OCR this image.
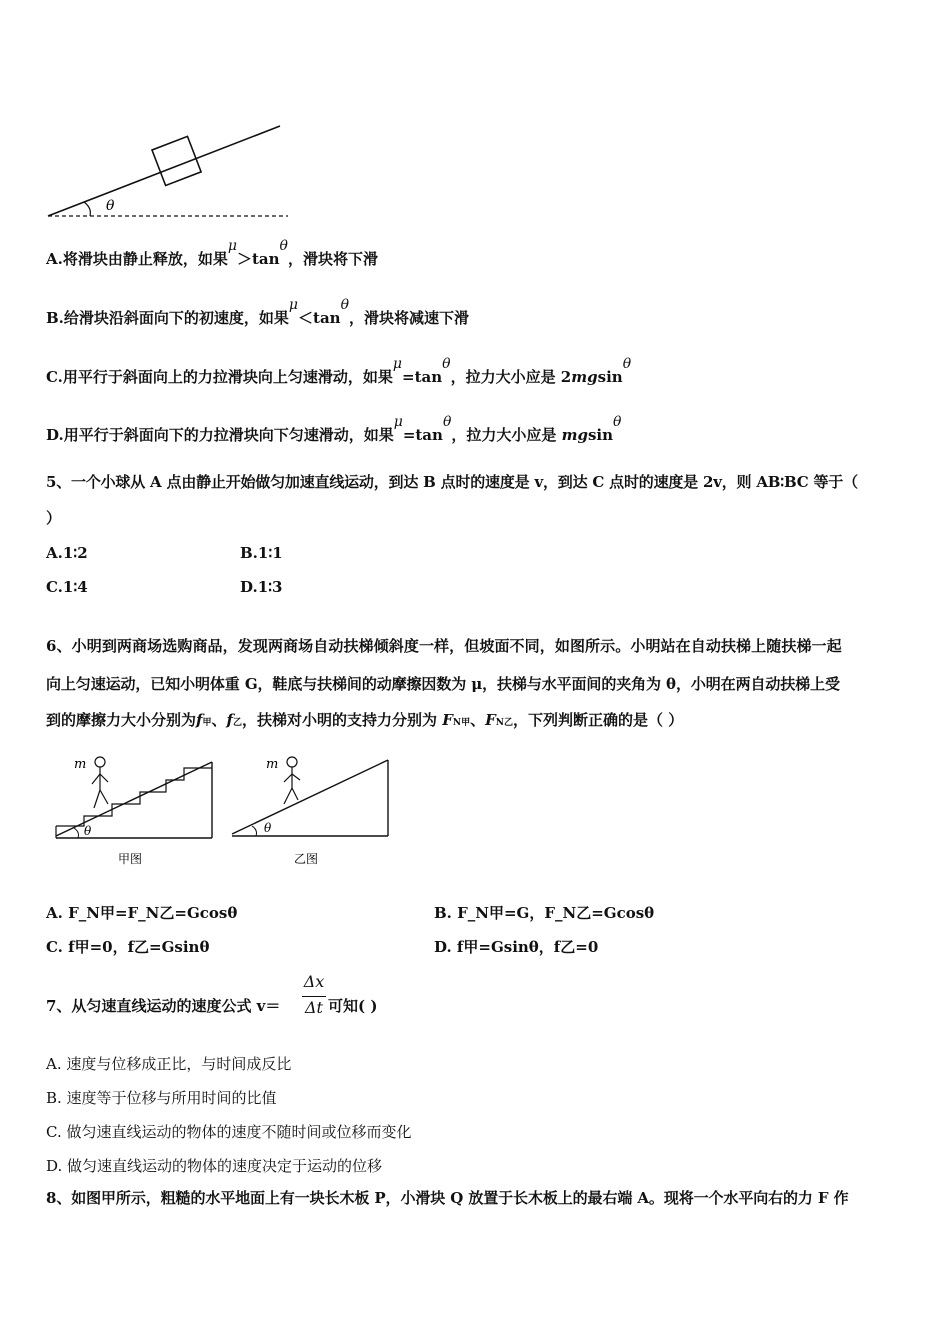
θ
A.将滑块由静止释放，如果μ＞tanθ，滑块将下滑
B.给滑块沿斜面向下的初速度，如果μ＜tanθ，滑块将减速下滑
C.用平行于斜面向上的力拉滑块向上匀速滑动，如果μ=tanθ，拉力大小应是 2mgsinθ
D.用平行于斜面向下的力拉滑块向下匀速滑动，如果μ=tanθ，拉力大小应是 mgsinθ
5、一个小球从 A 点由静止开始做匀加速直线运动，到达 B 点时的速度是 v，到达 C 点时的速度是 2v，则 AB∶BC 等于（
）
A.1∶2	B.1∶1
C.1∶4	D.1∶3
6、小明到两商场选购商品，发现两商场自动扶梯倾斜度一样，但坡面不同，如图所示。小明站在自动扶梯上随扶梯一起
向上匀速运动，已知小明体重 G，鞋底与扶梯间的动摩擦因数为 μ，扶梯与水平面间的夹角为 θ，小明在两自动扶梯上受
到的摩擦力大小分别为f甲、f乙，扶梯对小明的支持力分别为 FN甲、FN乙，下列判断正确的是（ ）
θ
m
甲图
θ
m
乙图
A. F_N甲=F_N乙=Gcosθ	B. F_N甲=G，F_N乙=Gcosθ
C. f甲=0，f乙=Gsinθ	D. f甲=Gsinθ，f乙=0
7、从匀速直线运动的速度公式 v＝
Δx
Δt 可知( )
A. 速度与位移成正比，与时间成反比
B. 速度等于位移与所用时间的比值
C. 做匀速直线运动的物体的速度不随时间或位移而变化
D. 做匀速直线运动的物体的速度决定于运动的位移
8、如图甲所示，粗糙的水平地面上有一块长木板 P，小滑块 Q 放置于长木板上的最右端 A。现将一个水平向右的力 F 作
